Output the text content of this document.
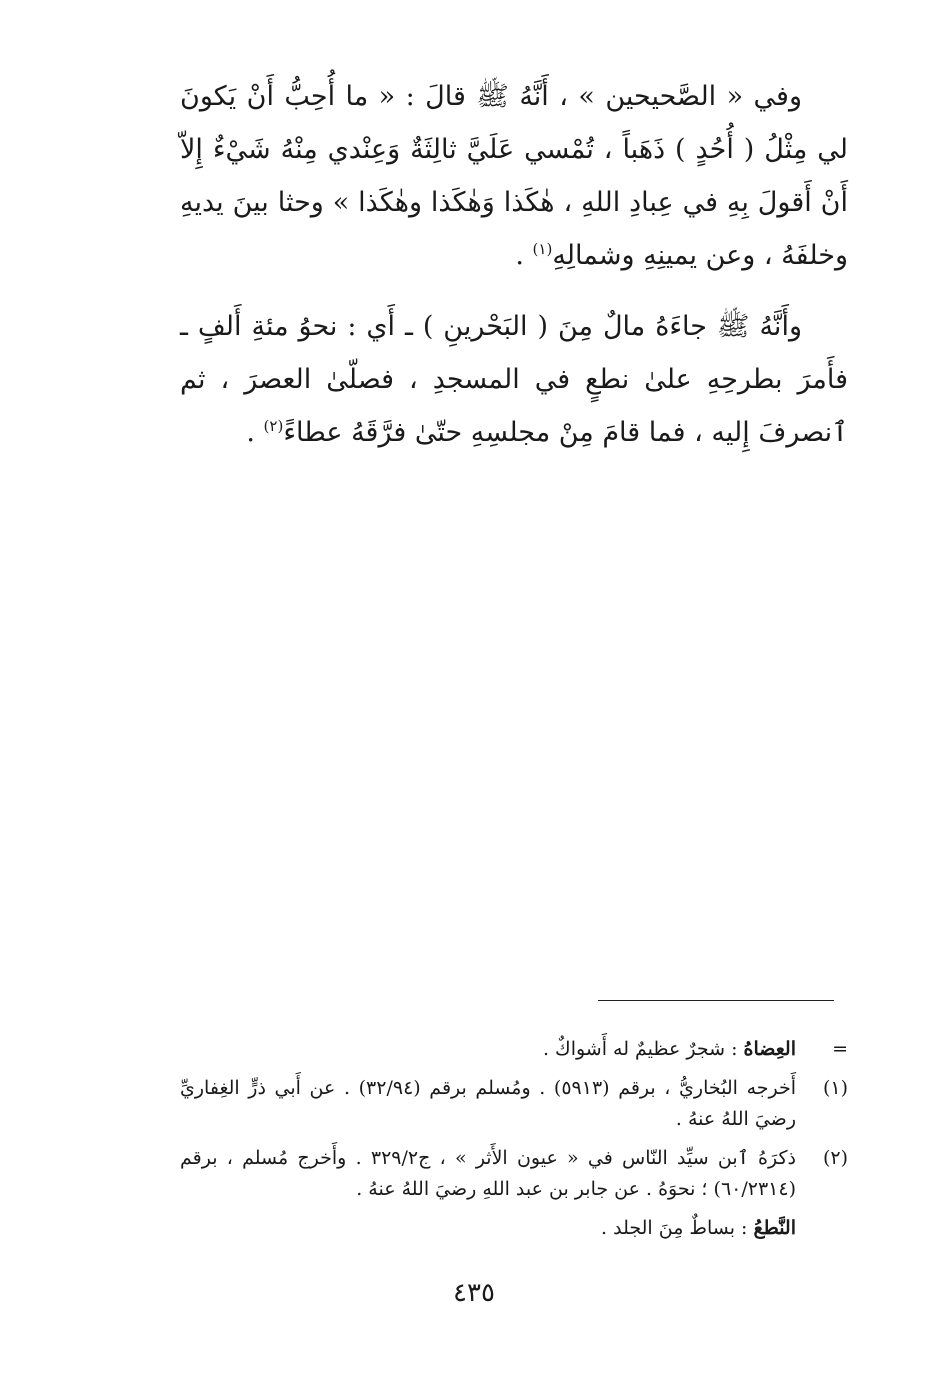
وفي « الصَّحيحين » ، أَنَّهُ ﷺ قالَ : « ما أُحِبُّ أَنْ يَكونَ لي مِثْلُ ( أُحُدٍ ) ذَهَباً ، تُمْسي عَلَيَّ ثالِثَةٌ وَعِنْدي مِنْهُ شَيْءٌ إِلاّ أَنْ أَقولَ بِهِ في عِبادِ اللهِ ، هٰكَذا وَهٰكَذا وهٰكَذا » وحثا بينَ يديهِ وخلفَهُ ، وعن يمينِهِ وشمالِهِ$^{(١)}$ .

وأَنَّهُ ﷺ جاءَهُ مالٌ مِنَ ( البَحْرينِ ) ـ أَي : نحوُ مئةِ أَلفٍ ـ فأَمرَ بطرحِهِ علىٰ نطعٍ في المسجدِ ، فصلّىٰ العصرَ ، ثم ٱنصرفَ إِليه ، فما قامَ مِنْ مجلسِهِ حتّىٰ فرَّقَهُ عطاءً$^{(٢)}$ .

=
العِضاهُ : شجرٌ عظيمٌ له أَشواكٌ .
(١)
أَخرجه البُخاريُّ ، برقم (٥٩١٣) . ومُسلم برقم (٣٢/٩٤) . عن أَبي ذرٍّ الغِفاريِّ رضيَ اللهُ عنهُ .
(٢)
ذكرَهُ ٱبن سيِّد النّاس في « عيون الأَثر » ، ج٣٢٩/٢ . وأَخرج مُسلم ، برقم (٦٠/٢٣١٤) ؛ نحوَهُ . عن جابر بن عبد اللهِ رضيَ اللهُ عنهُ .
النَّطعُ : بساطٌ مِنَ الجلد .
٤٣٥
